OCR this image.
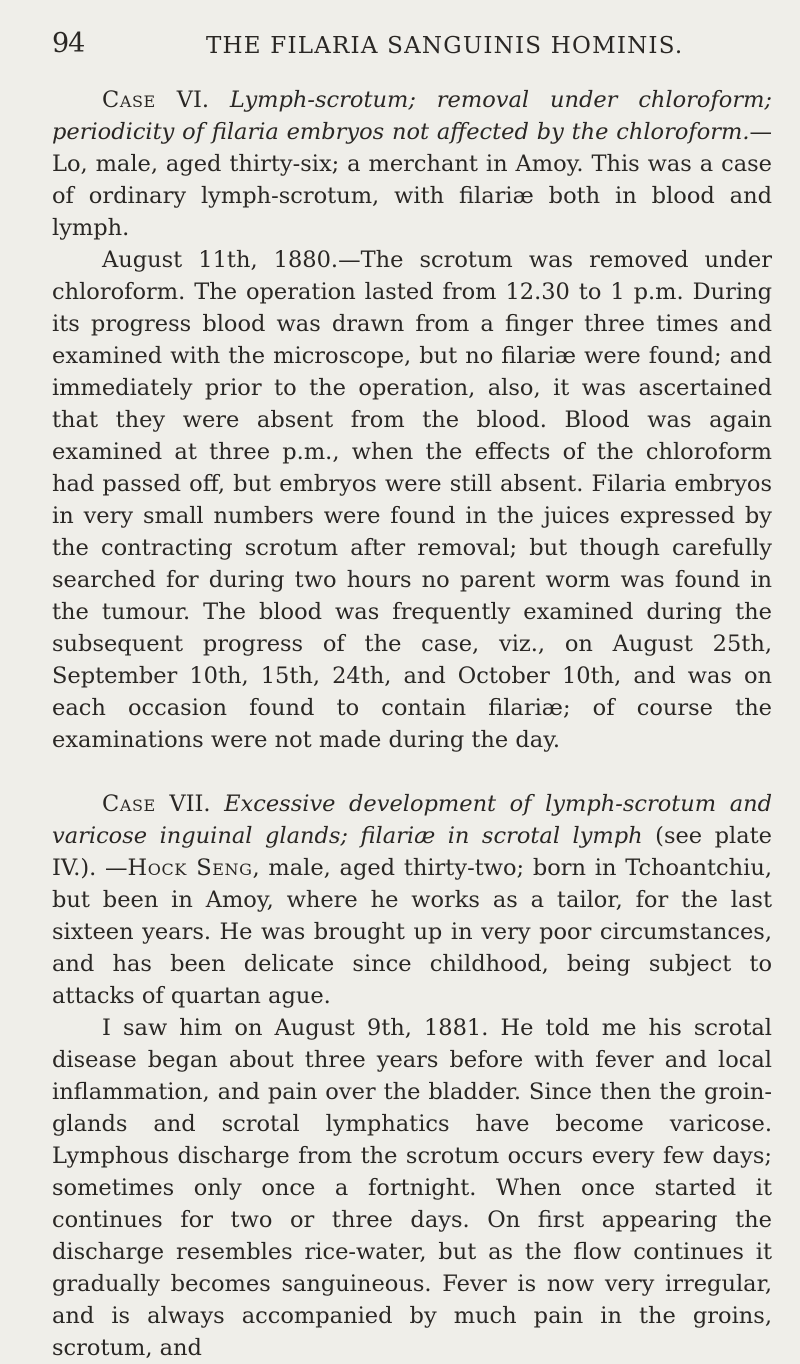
94	THE FILARIA SANGUINIS HOMINIS.

Case VI. Lymph-scrotum; removal under chloroform; periodicity of filaria embryos not affected by the chloroform.—Lo, male, aged thirty-six; a merchant in Amoy. This was a case of ordinary lymph-scrotum, with filariæ both in blood and lymph.

August 11th, 1880.—The scrotum was removed under chloroform. The operation lasted from 12.30 to 1 p.m. During its progress blood was drawn from a finger three times and examined with the microscope, but no filariæ were found; and immediately prior to the operation, also, it was ascertained that they were absent from the blood. Blood was again examined at three p.m., when the effects of the chloroform had passed off, but embryos were still absent. Filaria embryos in very small numbers were found in the juices expressed by the contracting scrotum after removal; but though carefully searched for during two hours no parent worm was found in the tumour. The blood was frequently examined during the subsequent progress of the case, viz., on August 25th, September 10th, 15th, 24th, and October 10th, and was on each occasion found to contain filariæ; of course the examinations were not made during the day.

Case VII. Excessive development of lymph-scrotum and varicose inguinal glands; filariæ in scrotal lymph (see plate IV.). —Hock Seng, male, aged thirty-two; born in Tchoantchiu, but been in Amoy, where he works as a tailor, for the last sixteen years. He was brought up in very poor circumstances, and has been delicate since childhood, being subject to attacks of quartan ague.

I saw him on August 9th, 1881. He told me his scrotal disease began about three years before with fever and local inflammation, and pain over the bladder. Since then the groin-glands and scrotal lymphatics have become varicose. Lymphous discharge from the scrotum occurs every few days; sometimes only once a fortnight. When once started it continues for two or three days. On first appearing the discharge resembles rice-water, but as the flow continues it gradually becomes sanguineous. Fever is now very irregular, and is always accompanied by much pain in the groins, scrotum, and
